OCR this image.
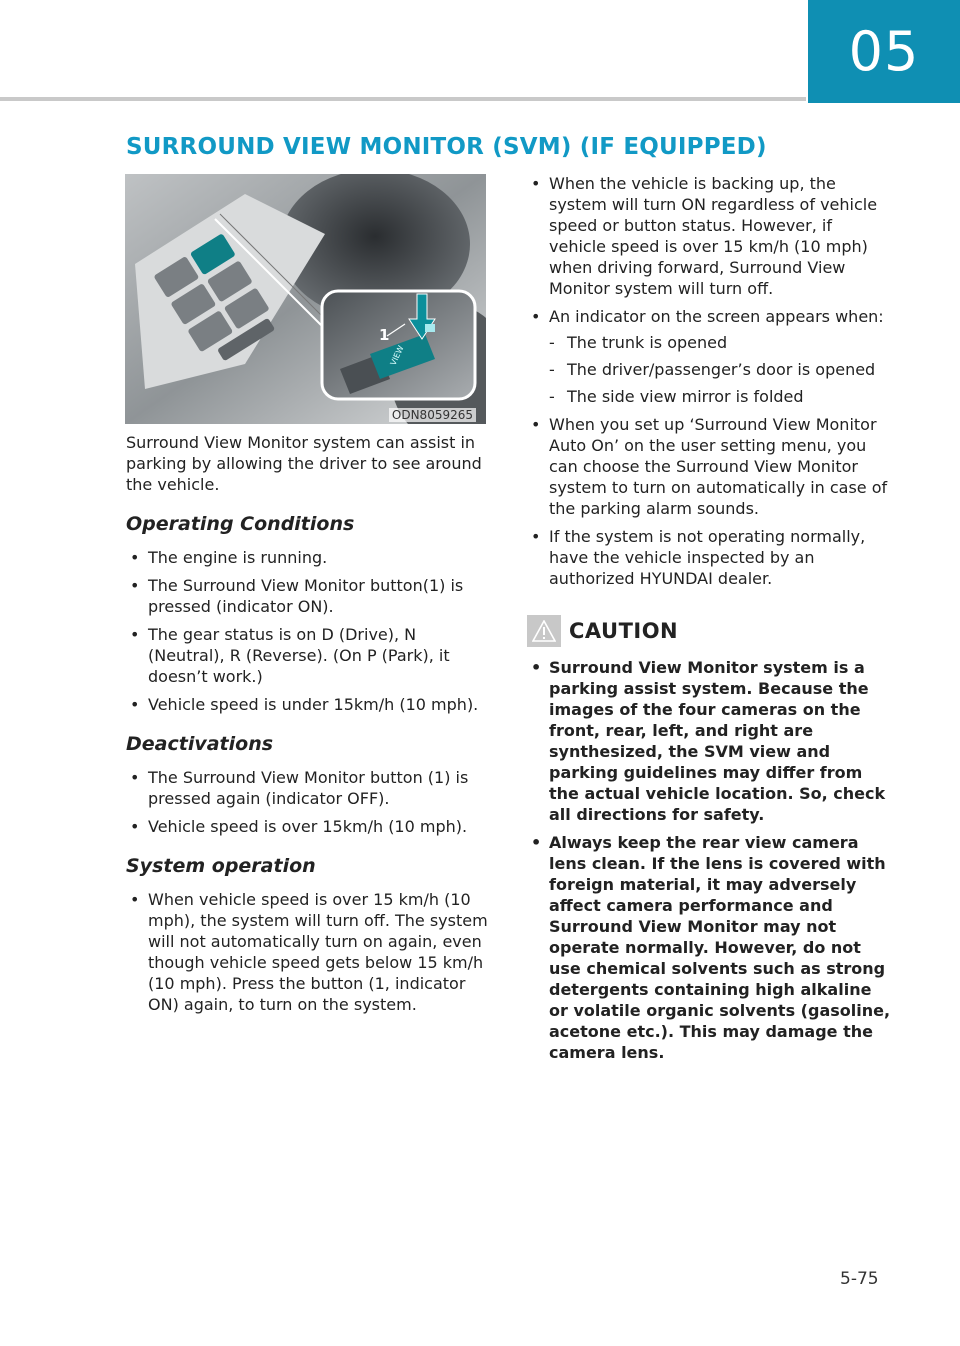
05
SURROUND VIEW MONITOR (SVM) (IF EQUIPPED)
VIEW
1
ODN8059265

Surround View Monitor system can assist in parking by allowing the driver to see around the vehicle.

Operating Conditions
• The engine is running.
• The Surround View Monitor button(1) is pressed (indicator ON).
• The gear status is on D (Drive), N (Neutral), R (Reverse). (On P (Park), it doesn’t work.)
• Vehicle speed is under 15km/h (10 mph).
Deactivations
• The Surround View Monitor button (1) is pressed again (indicator OFF).
• Vehicle speed is over 15km/h (10 mph).
System operation
• When vehicle speed is over 15 km/h (10 mph), the system will turn off. The system will not automatically turn on again, even though vehicle speed gets below 15 km/h (10 mph). Press the button (1, indicator ON) again, to turn on the system.
• When the vehicle is backing up, the system will turn ON regardless of vehicle speed or button status. However, if vehicle speed is over 15 km/h (10 mph) when driving forward, Surround View Monitor system will turn off.
• An indicator on the screen appears when:
- The trunk is opened
- The driver/passenger’s door is opened
- The side view mirror is folded
• When you set up ‘Surround View Monitor Auto On’ on the user setting menu, you can choose the Surround View Monitor system to turn on automatically in case of the parking alarm sounds.
• If the system is not operating normally, have the vehicle inspected by an authorized HYUNDAI dealer.
CAUTION
• Surround View Monitor system is a parking assist system. Because the images of the four cameras on the front, rear, left, and right are synthesized, the SVM view and parking guidelines may differ from the actual vehicle location. So, check all directions for safety.
• Always keep the rear view camera lens clean. If the lens is covered with foreign material, it may adversely affect camera performance and Surround View Monitor may not operate normally. However, do not use chemical solvents such as strong detergents containing high alkaline or volatile organic solvents (gasoline, acetone etc.). This may damage the camera lens.
5-75
